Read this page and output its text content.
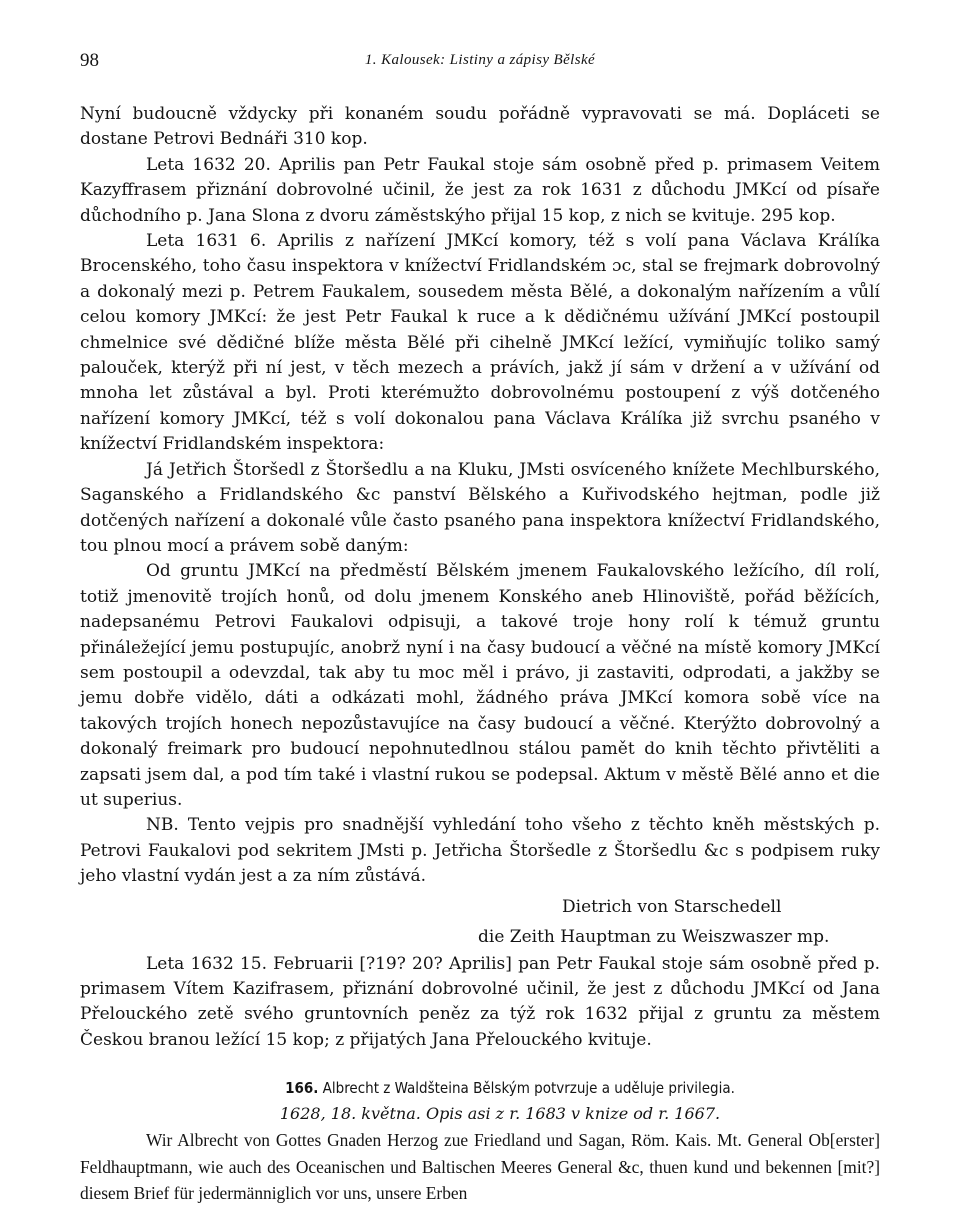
98	1. Kalousek: Listiny a zápisy Bělské

Nyní budoucně vždycky při konaném soudu pořádně vypravovati se má. Dopláceti se dostane Petrovi Bednáři 310 kop.

Leta 1632 20. Aprilis pan Petr Faukal stoje sám osobně před p. primasem Veitem Kazyffrasem přiznání dobrovolné učinil, že jest za rok 1631 z důchodu JMKcí od písaře důchodního p. Jana Slona z dvoru záměstskýho přijal 15 kop, z nich se kvituje. 295 kop.

Leta 1631 6. Aprilis z nařízení JMKcí komory, též s volí pana Václava Králíka Brocenského, toho času inspektora v knížectví Fridlandském ɔc, stal se frejmark dobrovolný a dokonalý mezi p. Petrem Faukalem, sousedem města Bělé, a dokonalým nařízením a vůlí celou komory JMKcí: že jest Petr Faukal k ruce a k dědičnému užívání JMKcí postoupil chmelnice své dědičné blíže města Bělé při cihelně JMKcí ležící, vymiňujíc toliko samý palouček, kterýž při ní jest, v těch mezech a právích, jakž jí sám v držení a v užívání od mnoha let zůstával a byl. Proti kterémužto dobrovolnému postoupení z výš dotčeného nařízení komory JMKcí, též s volí dokonalou pana Václava Králíka již svrchu psaného v knížectví Fridlandském inspektora:

Já Jetřich Štoršedl z Štoršedlu a na Kluku, JMsti osvíceného knížete Mechlburského, Saganského a Fridlandského &c panství Bělského a Kuřivodského hejtman, podle již dotčených nařízení a dokonalé vůle často psaného pana inspektora knížectví Fridlandského, tou plnou mocí a právem sobě daným:

Od gruntu JMKcí na předměstí Bělském jmenem Faukalovského ležícího, díl rolí, totiž jmenovitě trojích honů, od dolu jmenem Konského aneb Hlinoviště, pořád běžících, nadepsanému Petrovi Faukalovi odpisuji, a takové troje hony rolí k témuž gruntu přináležející jemu postupujíc, anobrž nyní i na časy budoucí a věčné na místě komory JMKcí sem postoupil a odevzdal, tak aby tu moc měl i právo, ji zastaviti, odprodati, a jakžby se jemu dobře vidělo, dáti a odkázati mohl, žádného práva JMKcí komora sobě více na takových trojích honech nepozůstavujíce na časy budoucí a věčné. Kterýžto dobrovolný a dokonalý freimark pro budoucí nepohnutedlnou stálou pamět do knih těchto přivtěliti a zapsati jsem dal, a pod tím také i vlastní rukou se podepsal. Aktum v městě Bělé anno et die ut superius.

NB. Tento vejpis pro snadnější vyhledání toho všeho z těchto kněh městských p. Petrovi Faukalovi pod sekritem JMsti p. Jetřicha Štoršedle z Štoršedlu &c s podpisem ruky jeho vlastní vydán jest a za ním zůstává.

Dietrich von Starschedell
die Zeith Hauptman zu Weiszwaszer mp.

Leta 1632 15. Februarii [?19? 20? Aprilis] pan Petr Faukal stoje sám osobně před p. primasem Vítem Kazifrasem, přiznání dobrovolné učinil, že jest z důchodu JMKcí od Jana Přelouckého zetě svého gruntovních peněz za týž rok 1632 přijal z gruntu za městem Českou branou ležící 15 kop; z přijatých Jana Přelouckého kvituje.

166. Albrecht z Waldšteina Bělským potvrzuje a uděluje privilegia.
1628, 18. května. Opis asi z r. 1683 v knize od r. 1667.

Wir Albrecht von Gottes Gnaden Herzog zue Friedland und Sagan, Röm. Kais. Mt. General Ob[erster] Feldhauptmann, wie auch des Oceanischen und Baltischen Meeres General &c, thuen kund und bekennen [mit?] diesem Brief für jedermänniglich vor uns, unsere Erben
